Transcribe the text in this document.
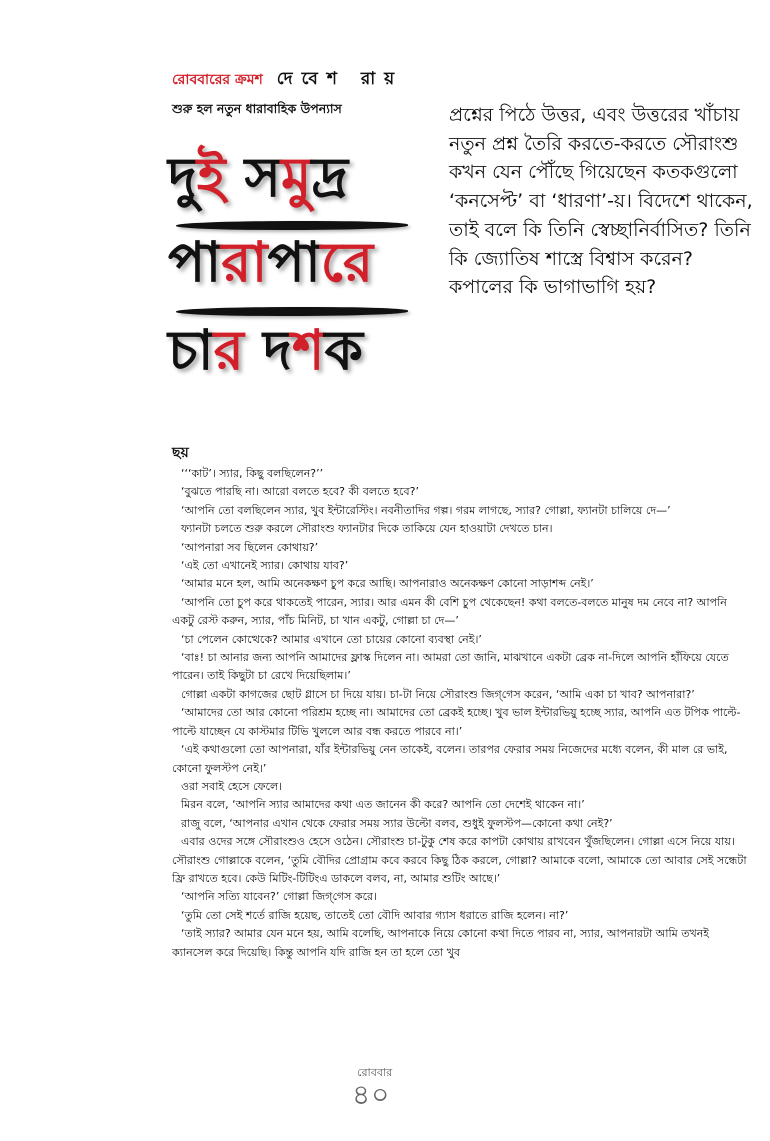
রোববারের ক্রমশ দেবেশ রায়
শুরু হল নতুন ধারাবাহিক উপন্যাস
দুই সমুদ্র
পারাপারে
চার দশক

প্রশ্নের পিঠে উত্তর, এবং উত্তরের খাঁচায় নতুন প্রশ্ন তৈরি করতে-করতে সৌরাংশু কখন যেন পৌঁছে গিয়েছেন কতকগুলো ‘কনসেপ্ট’ বা ‘ধারণা’-য়। বিদেশে থাকেন, তাই বলে কি তিনি স্বেচ্ছানির্বাসিত? তিনি কি জ্যোতিষ শাস্ত্রে বিশ্বাস করেন? কপালের কি ভাগাভাগি হয়?

ছয়

‘‘‘কাট’। স্যার, কিছু বলছিলেন?’’

‘বুঝতে পারছি না। আরো বলতে হবে? কী বলতে হবে?’

‘আপনি তো বলছিলেন স্যার, খুব ইন্টারেস্টিং। নবনীতাদির গল্প। গরম লাগছে, স্যার? গোল্লা, ফ্যানটা চালিয়ে দে—’

ফ্যানটা চলতে শুরু করলে সৌরাংশু ফ্যানটার দিকে তাকিয়ে যেন হাওয়াটা দেখতে চান।

‘আপনারা সব ছিলেন কোথায়?’

‘এই তো এখানেই স্যার। কোথায় যাব?’

‘আমার মনে হল, আমি অনেকক্ষণ চুপ করে আছি। আপনারাও অনেকক্ষণ কোনো সাড়াশব্দ নেই।’

‘আপনি তো চুপ করে থাকতেই পারেন, স্যার। আর এমন কী বেশি চুপ থেকেছেন! কথা বলতে-বলতে মানুষ দম নেবে না? আপনি একটু রেস্ট করুন, স্যার, পাঁচ মিনিট, চা খান একটু, গোল্লা চা দে—’

‘চা পেলেন কোত্থেকে? আমার এখানে তো চায়ের কোনো ব্যবস্থা নেই।’

‘বাঃ! চা আনার জন্য আপনি আমাদের ফ্লাস্ক দিলেন না। আমরা তো জানি, মাঝখানে একটা ব্রেক না-দিলে আপনি হাঁফিয়ে যেতে পারেন। তাই কিছুটা চা রেখে দিয়েছিলাম।’

গোল্লা একটা কাগজের ছোট গ্লাসে চা দিয়ে যায়। চা-টা নিয়ে সৌরাংশু জিগ্‌গেস করেন, ‘আমি একা চা খাব? আপনারা?’

‘আমাদের তো আর কোনো পরিশ্রম হচ্ছে না। আমাদের তো ব্রেকই হচ্ছে। খুব ভাল ইন্টারভিয়ু হচ্ছে স্যার, আপনি এত টপিক পাল্টে-পাল্টে যাচ্ছেন যে কাস্টমার টিভি খুললে আর বন্ধ করতে পারবে না।’

‘এই কথাগুলো তো আপনারা, যাঁর ইন্টারভিয়ু নেন তাকেই, বলেন। তারপর ফেরার সময় নিজেদের মধ্যে বলেন, কী মাল রে ভাই, কোনো ফুলস্টপ নেই।’

ওরা সবাই হেসে ফেলে।

মিরন বলে, ‘আপনি স্যার আমাদের কথা এত জানেন কী করে? আপনি তো দেশেই থাকেন না।’

রাজু বলে, ‘আপনার এখান থেকে ফেরার সময় স্যার উল্টো বলব, শুধুই ফুলস্টপ—কোনো কথা নেই?’

এবার ওদের সঙ্গে সৌরাংশুও হেসে ওঠেন। সৌরাংশু চা-টুকু শেষ করে কাপটা কোথায় রাখবেন খুঁজছিলেন। গোল্লা এসে নিয়ে যায়। সৌরাংশু গোল্লাকে বলেন, ‘তুমি বৌদির প্রোগ্রাম কবে করবে কিছু ঠিক করলে, গোল্লা? আমাকে বলো, আমাকে তো আবার সেই সন্ধেটা ফ্রি রাখতে হবে। কেউ মিটিং-টিটিংএ ডাকলে বলব, না, আমার শুটিং আছে।’

‘আপনি সত্যি যাবেন?’ গোল্লা জিগ্‌গেস করে।

‘তুমি তো সেই শর্তে রাজি হয়েছ, তাতেই তো বৌদি আবার গ্যাস ধরাতে রাজি হলেন। না?’

‘তাই স্যার? আমার যেন মনে হয়, আমি বলেছি, আপনাকে নিয়ে কোনো কথা দিতে পারব না, স্যার, আপনারটা আমি তখনই ক্যানসেল করে দিয়েছি। কিন্তু আপনি যদি রাজি হন তা হলে তো খুব

রোববার
৪০
